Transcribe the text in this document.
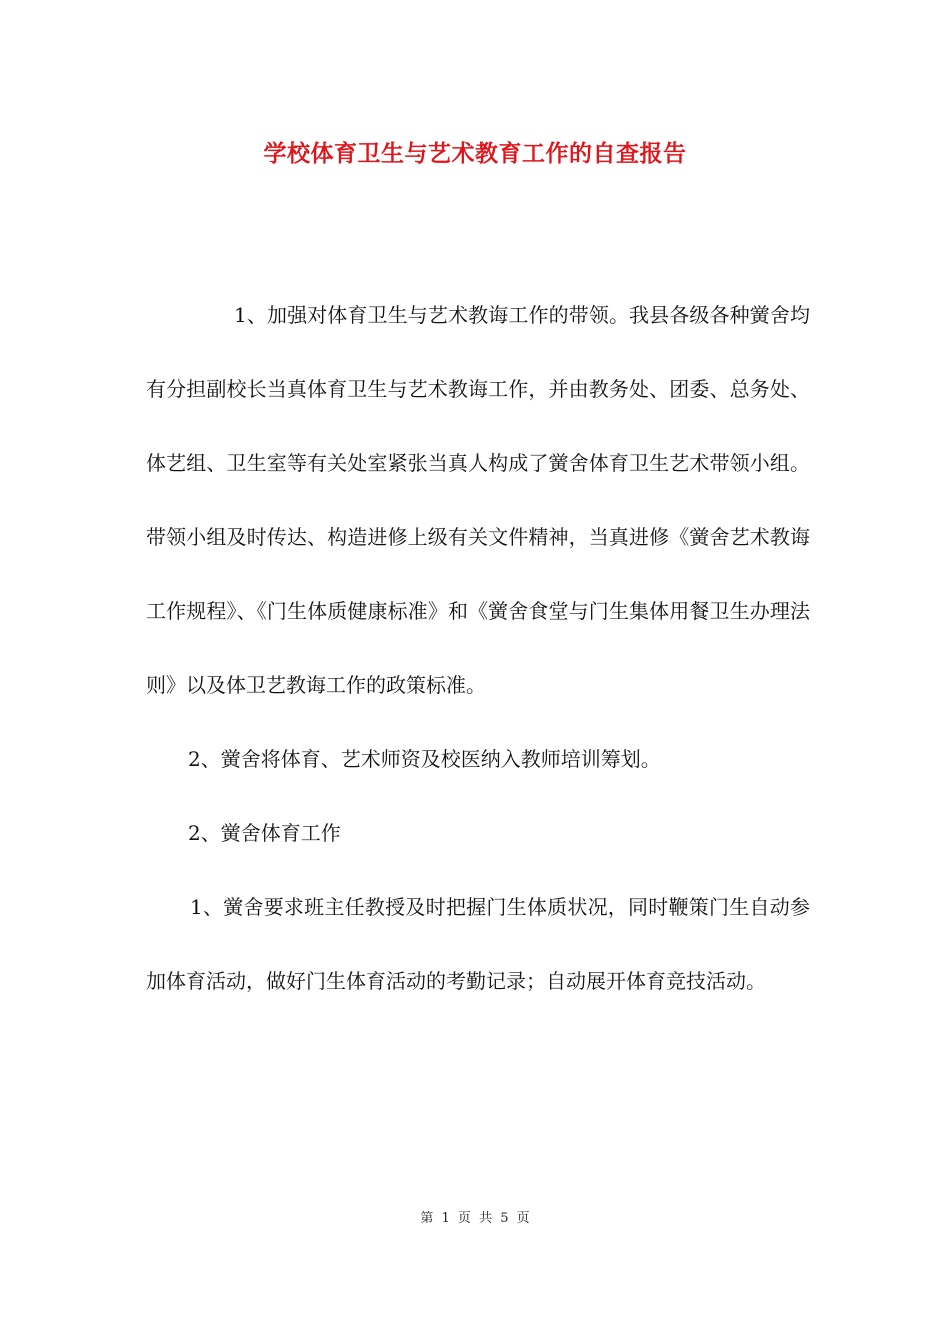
学校体育卫生与艺术教育工作的自查报告

1、加强对体育卫生与艺术教诲工作的带领。我县各级各种黉舍均有分担副校长当真体育卫生与艺术教诲工作，并由教务处、团委、总务处、体艺组、卫生室等有关处室紧张当真人构成了黉舍体育卫生艺术带领小组。带领小组及时传达、构造进修上级有关文件精神，当真进修《黉舍艺术教诲工作规程》、《门生体质健康标准》和《黉舍食堂与门生集体用餐卫生办理法则》以及体卫艺教诲工作的政策标准。

2、黉舍将体育、艺术师资及校医纳入教师培训筹划。

2、黉舍体育工作

1、黉舍要求班主任教授及时把握门生体质状况，同时鞭策门生自动参加体育活动，做好门生体育活动的考勤记录；自动展开体育竞技活动。

第 1 页 共 5 页
